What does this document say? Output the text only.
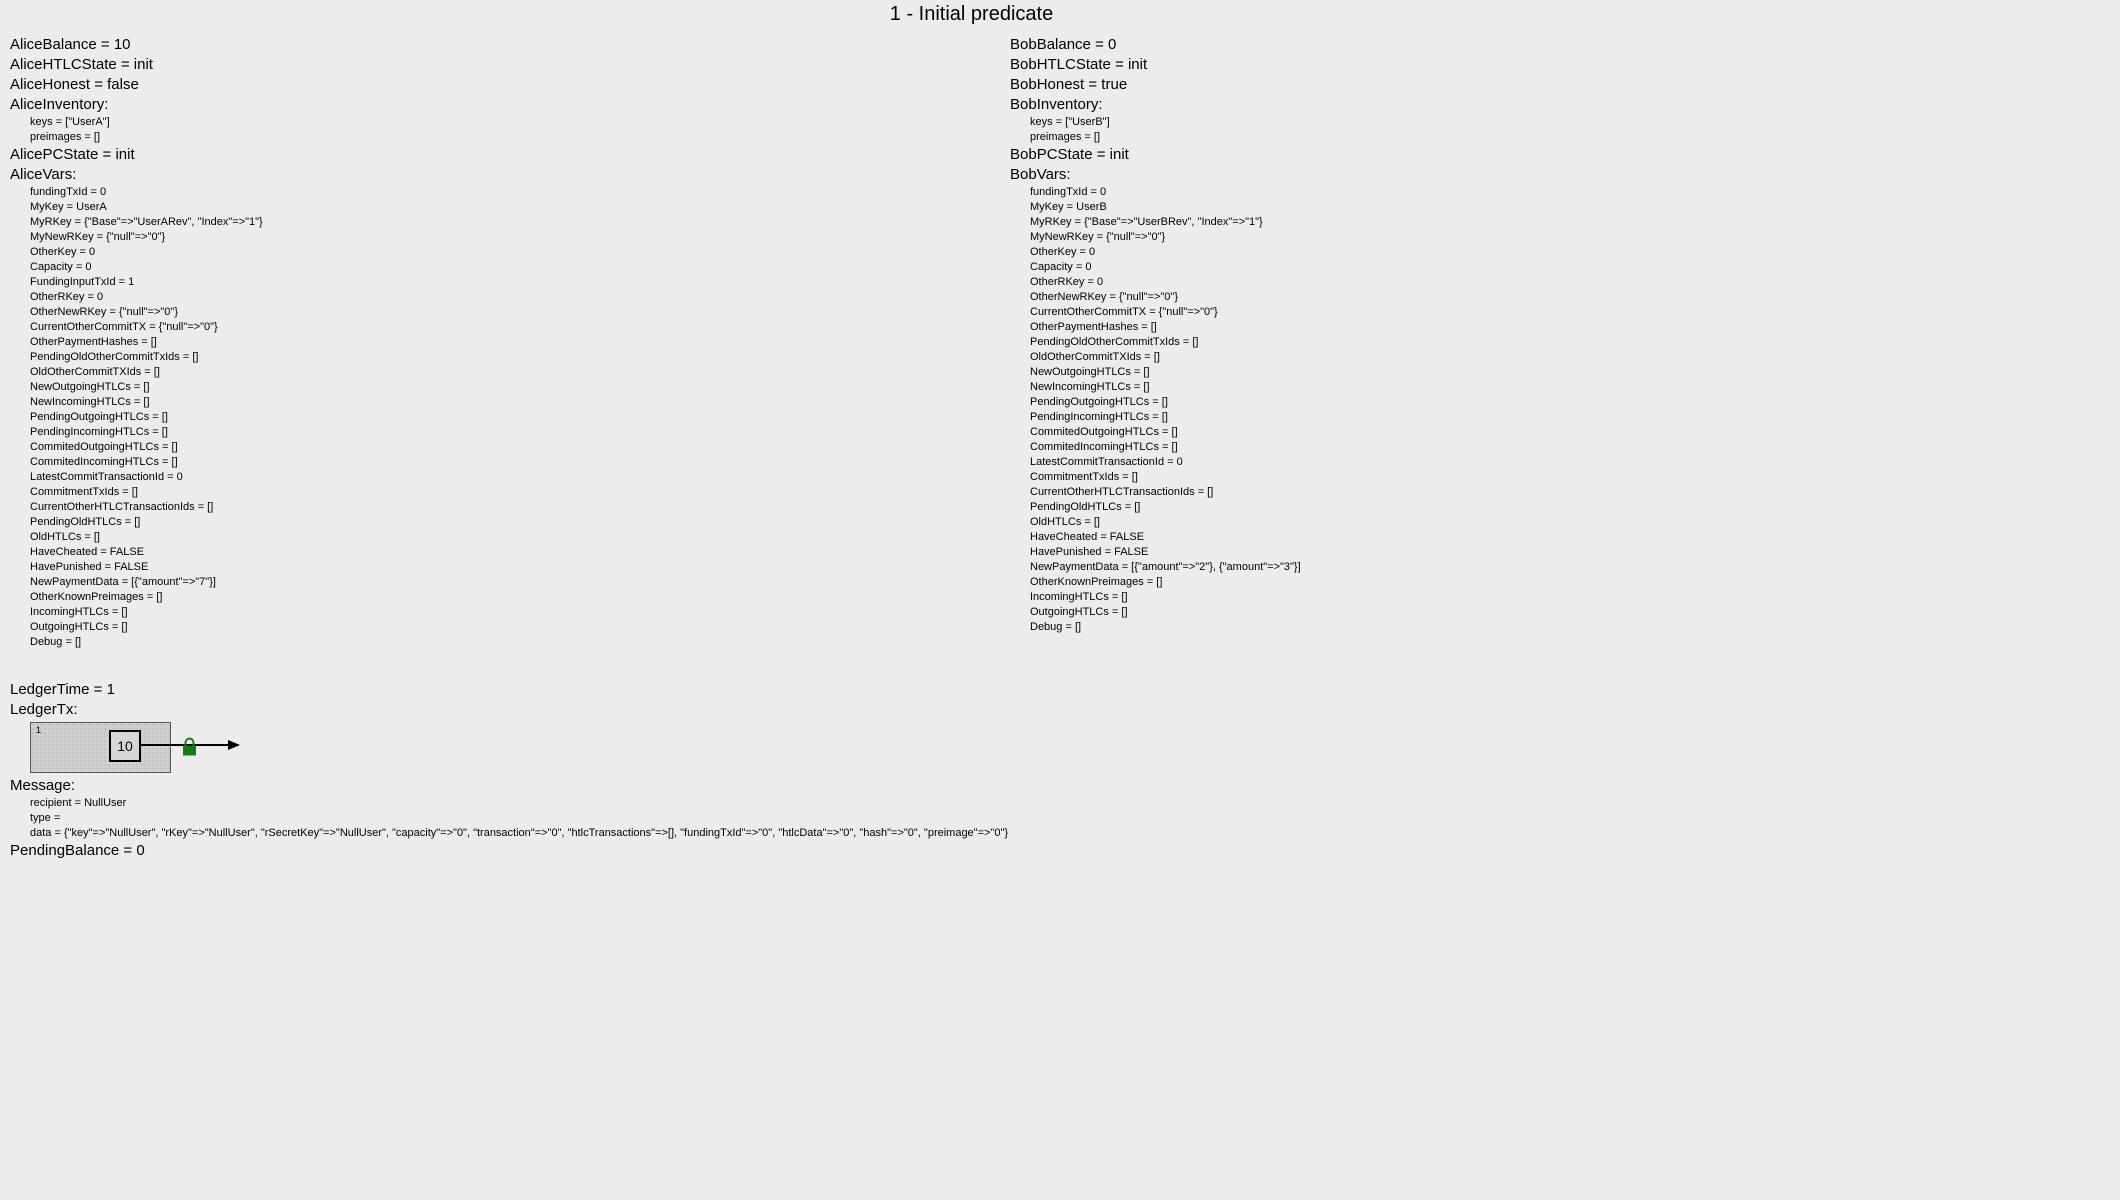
1 - Initial predicate
AliceBalance = 10
AliceHTLCState = init
AliceHonest = false
AliceInventory:
keys = ["UserA"]
preimages = []
AlicePCState = init
AliceVars:
fundingTxId = 0
MyKey = UserA
MyRKey = {"Base"=>"UserARev", "Index"=>"1"}
MyNewRKey = {"null"=>"0"}
OtherKey = 0
Capacity = 0
FundingInputTxId = 1
OtherRKey = 0
OtherNewRKey = {"null"=>"0"}
CurrentOtherCommitTX = {"null"=>"0"}
OtherPaymentHashes = []
PendingOldOtherCommitTxIds = []
OldOtherCommitTXIds = []
NewOutgoingHTLCs = []
NewIncomingHTLCs = []
PendingOutgoingHTLCs = []
PendingIncomingHTLCs = []
CommitedOutgoingHTLCs = []
CommitedIncomingHTLCs = []
LatestCommitTransactionId = 0
CommitmentTxIds = []
CurrentOtherHTLCTransactionIds = []
PendingOldHTLCs = []
OldHTLCs = []
HaveCheated = FALSE
HavePunished = FALSE
NewPaymentData = [{"amount"=>"7"}]
OtherKnownPreimages = []
IncomingHTLCs = []
OutgoingHTLCs = []
Debug = []
BobBalance = 0
BobHTLCState = init
BobHonest = true
BobInventory:
keys = ["UserB"]
preimages = []
BobPCState = init
BobVars:
fundingTxId = 0
MyKey = UserB
MyRKey = {"Base"=>"UserBRev", "Index"=>"1"}
MyNewRKey = {"null"=>"0"}
OtherKey = 0
Capacity = 0
OtherRKey = 0
OtherNewRKey = {"null"=>"0"}
CurrentOtherCommitTX = {"null"=>"0"}
OtherPaymentHashes = []
PendingOldOtherCommitTxIds = []
OldOtherCommitTXIds = []
NewOutgoingHTLCs = []
NewIncomingHTLCs = []
PendingOutgoingHTLCs = []
PendingIncomingHTLCs = []
CommitedOutgoingHTLCs = []
CommitedIncomingHTLCs = []
LatestCommitTransactionId = 0
CommitmentTxIds = []
CurrentOtherHTLCTransactionIds = []
PendingOldHTLCs = []
OldHTLCs = []
HaveCheated = FALSE
HavePunished = FALSE
NewPaymentData = [{"amount"=>"2"}, {"amount"=>"3"}]
OtherKnownPreimages = []
IncomingHTLCs = []
OutgoingHTLCs = []
Debug = []
LedgerTime = 1
LedgerTx:
1
10
Message:
recipient = NullUser
type =
data = {"key"=>"NullUser", "rKey"=>"NullUser", "rSecretKey"=>"NullUser", "capacity"=>"0", "transaction"=>"0", "htlcTransactions"=>[], "fundingTxId"=>"0", "htlcData"=>"0", "hash"=>"0", "preimage"=>"0"}
PendingBalance = 0
